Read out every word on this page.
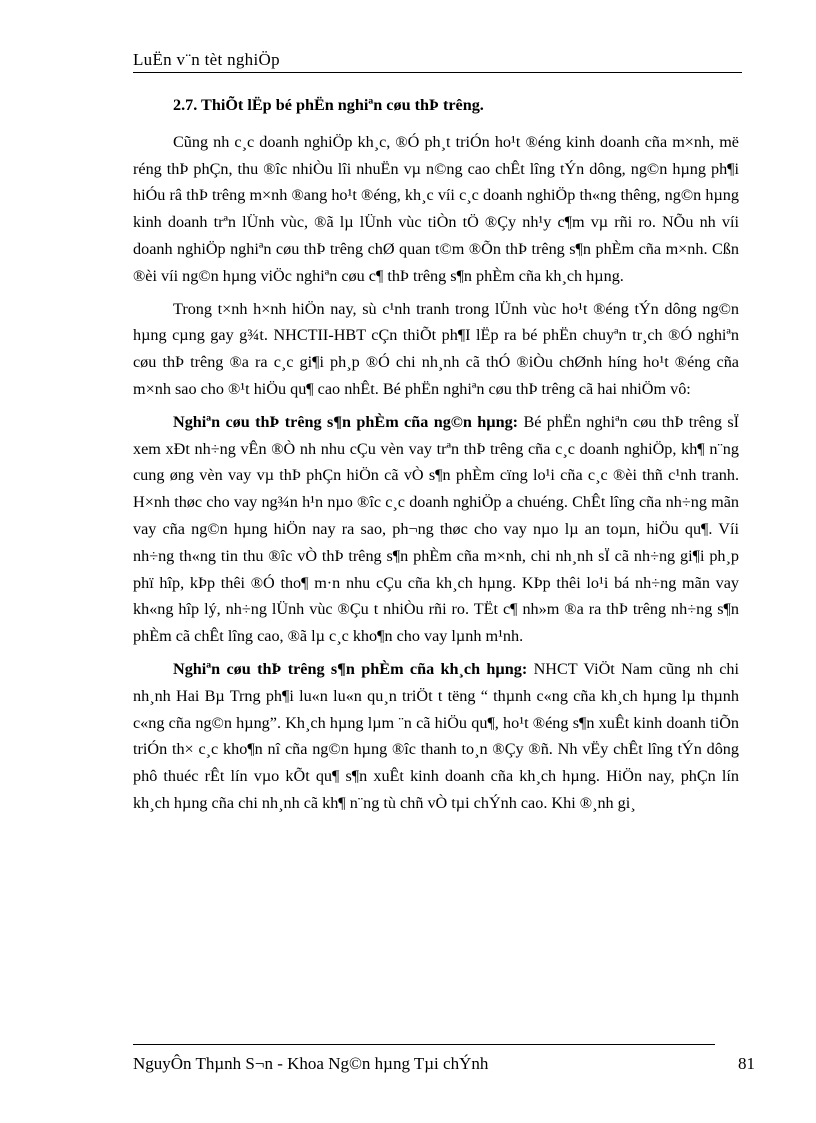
LuËn v¨n tèt nghiÖp
2.7. ThiÕt lËp bé phËn nghiªn cøu thÞ trêng.

Cũng nh c¸c doanh nghiÖp kh¸c, ®Ó ph¸t triÓn ho¹t ®éng kinh doanh cña m×nh, më réng thÞ phÇn, thu ®îc nhiÒu lîi nhuËn vµ n©ng cao chÊt lîng tÝn dông, ng©n hµng ph¶i hiÓu râ thÞ trêng m×nh ®ang ho¹t ®éng, kh¸c víi c¸c doanh nghiÖp th«ng thêng, ng©n hµng kinh doanh trªn lÜnh vùc, ®ã lµ lÜnh vùc tiÒn tÖ ®Çy nh¹y c¶m vµ rñi ro. NÕu nh víi doanh nghiÖp nghiªn cøu thÞ trêng chØ quan t©m ®Õn thÞ trêng s¶n phÈm cña m×nh. Cßn ®èi víi ng©n hµng viÖc nghiªn cøu c¶ thÞ trêng s¶n phÈm cña kh¸ch hµng.

Trong t×nh h×nh hiÖn nay, sù c¹nh tranh trong lÜnh vùc ho¹t ®éng tÝn dông ng©n hµng cµng gay g¾t. NHCTII-HBT cÇn thiÕt ph¶I lËp ra bé phËn chuyªn tr¸ch ®Ó nghiªn cøu thÞ trêng ®a ra c¸c gi¶i ph¸p ®Ó chi nh¸nh cã thÓ ®iÒu chØnh híng ho¹t ®éng cña m×nh sao cho ®¹t hiÖu qu¶ cao nhÊt. Bé phËn nghiªn cøu thÞ trêng cã hai nhiÖm vô:

Nghiªn cøu thÞ trêng s¶n phÈm cña ng©n hµng: Bé phËn nghiªn cøu thÞ trêng sÏ xem xÐt nh÷ng vÊn ®Ò nh nhu cÇu vèn vay trªn thÞ trêng cña c¸c doanh nghiÖp, kh¶ n¨ng cung øng vèn vay vµ thÞ phÇn hiÖn cã vÒ s¶n phÈm cïng lo¹i cña c¸c ®èi thñ c¹nh tranh. H×nh thøc cho vay ng¾n h¹n nµo ®îc c¸c doanh nghiÖp a chuéng. ChÊt lîng cña nh÷ng mãn vay cña ng©n hµng hiÖn nay ra sao, ph¬ng thøc cho vay nµo lµ an toµn, hiÖu qu¶. Víi nh÷ng th«ng tin thu ®îc vÒ thÞ trêng s¶n phÈm cña m×nh, chi nh¸nh sÏ cã nh÷ng gi¶i ph¸p phï hîp, kÞp thêi ®Ó tho¶ m·n nhu cÇu cña kh¸ch hµng. KÞp thêi lo¹i bá nh÷ng mãn vay kh«ng hîp lý, nh÷ng lÜnh vùc ®Çu t nhiÒu rñi ro. TËt c¶ nh»m ®a ra thÞ trêng nh÷ng s¶n phÈm cã chÊt lîng cao, ®ã lµ c¸c kho¶n cho vay lµnh m¹nh.

Nghiªn cøu thÞ trêng s¶n phÈm cña kh¸ch hµng: NHCT ViÖt Nam cũng nh chi nh¸nh Hai Bµ Trng ph¶i lu«n lu«n qu¸n triÖt t tëng “ thµnh c«ng cña kh¸ch hµng lµ thµnh c«ng cña ng©n hµng”. Kh¸ch hµng lµm ¨n cã hiÖu qu¶, ho¹t ®éng s¶n xuÊt kinh doanh tiÕn triÓn th× c¸c kho¶n nî cña ng©n hµng ®îc thanh to¸n ®Çy ®ñ. Nh vËy chÊt lîng tÝn dông phô thuéc rÊt lín vµo kÕt qu¶ s¶n xuÊt kinh doanh cña kh¸ch hµng. HiÖn nay, phÇn lín kh¸ch hµng cña chi nh¸nh cã kh¶ n¨ng tù chñ vÒ tµi chÝnh cao. Khi ®¸nh gi¸

NguyÔn Thµnh S¬n - Khoa Ng©n hµng Tµi chÝnh	81
